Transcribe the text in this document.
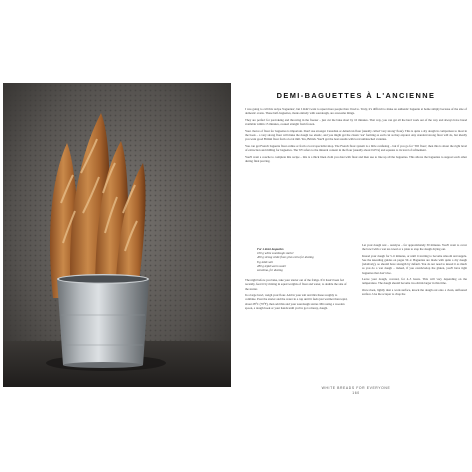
DEMI-BAGUETTES À L'ANCIENNE

I was going to call this recipe 'baguettes', but I didn't want to upset more people than I had to. Truly, it's difficult to make an authentic baguette at home simply because of the size of domestic ovens. These half-baguettes, made entirely with sourdough, are awesome things.

They are perfect for par-baking and throwing in the freezer – just cut the bake short by 10 minutes. That way, you can get all the hard work out of the way and always have bread available within 15 minutes, cooked straight from frozen.

Your choice of flour for baguettes is important. Don't use stronger Canadian or American flour (usually called 'very strong' flour). This is quite a dry dough in comparison to most in the book – a very strong flour will make the dough too elastic, and you might get the classic 'ear' forming as each cut as they expand. Any standard strong flour will do, but ideally you want good British flour from a local mill. Yes, British. You'll get the best results with local unbleached varieties.

You can get French baguette flour online or from a local specialist shop. The French flour system is a little confusing – but if you go for 'T65 flour', then this is about the right level of extraction and milling for baguettes. The '65' refers to the mineral content in the flour (usually about 0.65%) and equates to its level of refinement.

You'll want a couche to complete this recipe – this is a thick linen cloth you dust with flour and then use to line up all the baguettes. This allows the baguettes to support each other during final proving.

For 4 demi-baguettes
100 g white sourdough starter
400 g strong white flour, plus extra for dusting
8 g table salt
280 g tepid warm water
semolina, for dusting

The night before you bake, take your starter out of the fridge. If it hasn't been fed recently, feed it by mixing in equal weights of flour and water, to double the size of the starter.

In a large bowl, weigh your flour. Add in your salt and mix these roughly to combine. Pour the starter and the water in a cup until it feels just warmer than tepid, about 28°C (79°F), then add this and your sourdough starter. Mix using a wooden spoon, a dough hook or your hands until you've got a messy, dough.

Let your dough rest – autolyse – for approximately 30 minutes. You'll want to cover the bowl with a wet tea towel or a plate to stop the dough drying out.

Knead your dough for 5–6 minutes, or until it starting to become smooth and supple. See the kneading guides on pages 50–2. Baguettes are made with quite a dry dough (relatively), so should have strength by default. You do not need to knead it as much as you do a wet dough – indeed, if you overdevelop the gluten, you'll have tight baguettes that don't rise.

Leave your dough, covered, for 4–5 hours. This will vary depending on the temperature. The dough should become two-thirds larger in this time.

Once risen, lightly dust a work surface, knock the dough out onto a clean, unfloured surface. Use the scraper to chop the

WHITE BREADS FOR EVERYONE
160
